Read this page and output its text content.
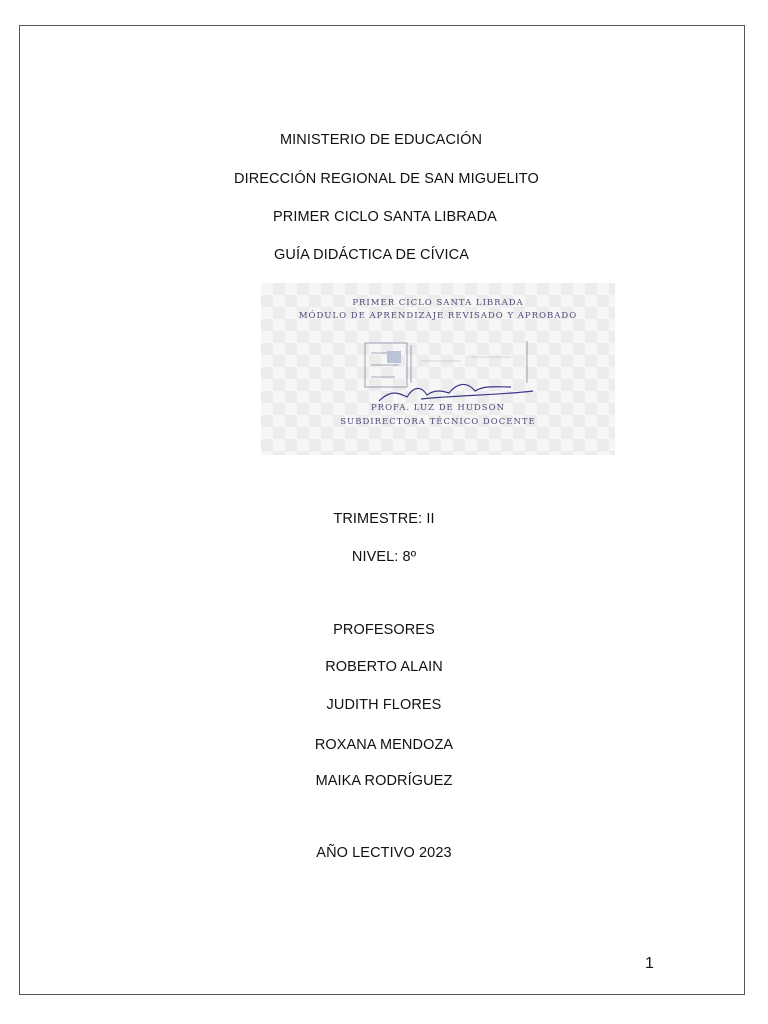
MINISTERIO DE EDUCACIÓN
DIRECCIÓN REGIONAL DE SAN MIGUELITO
PRIMER CICLO SANTA LIBRADA
GUÍA DIDÁCTICA DE CÍVICA
PRIMER CICLO SANTA LIBRADA
MÓDULO DE APRENDIZAJE REVISADO Y APROBADO
PROFA. LUZ DE HUDSON
SUBDIRECTORA TÉCNICO DOCENTE
TRIMESTRE: II
NIVEL: 8º
PROFESORES
ROBERTO ALAIN
JUDITH FLORES
ROXANA MENDOZA
MAIKA RODRÍGUEZ
AÑO LECTIVO 2023
1
